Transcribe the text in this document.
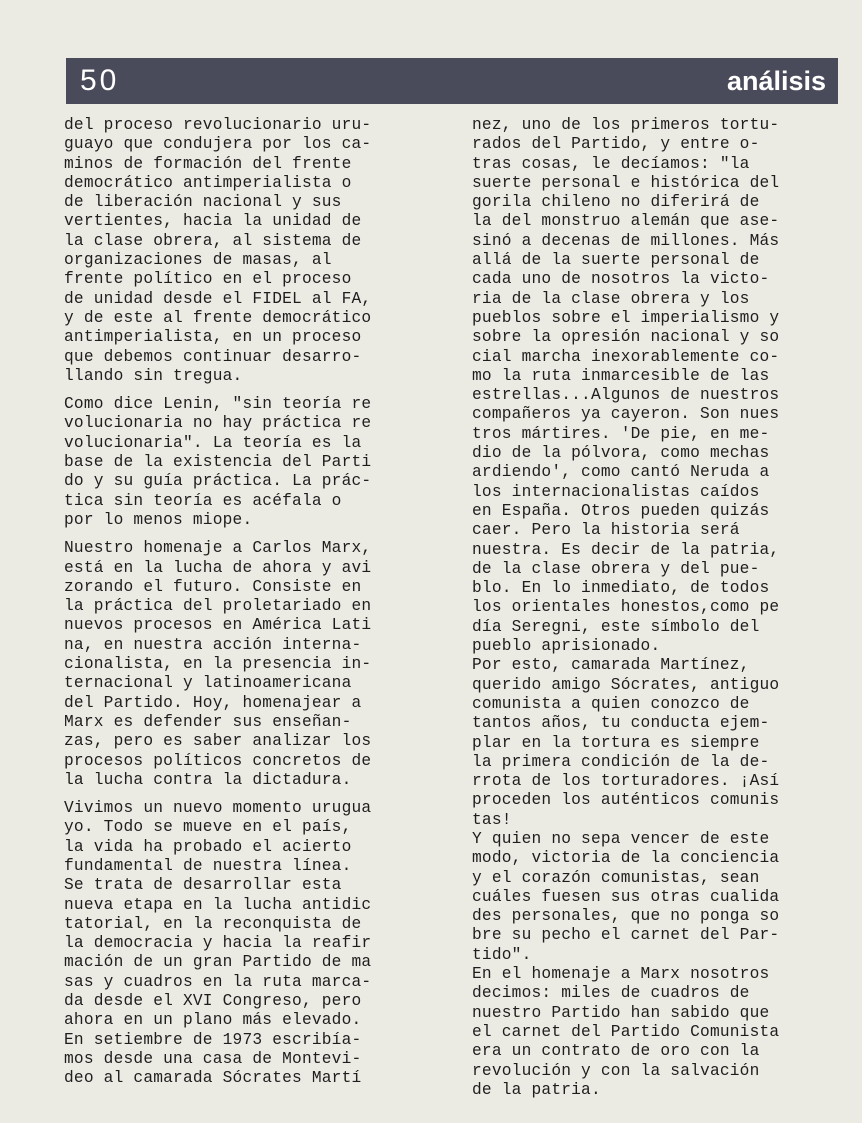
50	análisis
del proceso revolucionario uru-
guayo que condujera por los ca-
minos de formación del frente
democrático antimperialista o
de liberación nacional y sus
vertientes, hacia la unidad de
la clase obrera, al sistema de
organizaciones de masas, al
frente político en el proceso
de unidad desde el FIDEL al FA,
y de este al frente democrático
antimperialista, en un proceso
que debemos continuar desarro-
llando sin tregua.
Como dice Lenin, "sin teoría re
volucionaria no hay práctica re
volucionaria". La teoría es la
base de la existencia del Parti
do y su guía práctica. La prác-
tica sin teoría es acéfala o
por lo menos miope.
Nuestro homenaje a Carlos Marx,
está en la lucha de ahora y avi
zorando el futuro. Consiste en
la práctica del proletariado en
nuevos procesos en América Lati
na, en nuestra acción interna-
cionalista, en la presencia in-
ternacional y latinoamericana
del Partido. Hoy, homenajear a
Marx es defender sus enseñan-
zas, pero es saber analizar los
procesos políticos concretos de
la lucha contra la dictadura.
Vivimos un nuevo momento urugua
yo. Todo se mueve en el país,
la vida ha probado el acierto
fundamental de nuestra línea.
Se trata de desarrollar esta
nueva etapa en la lucha antidic
tatorial, en la reconquista de
la democracia y hacia la reafir
mación de un gran Partido de ma
sas y cuadros en la ruta marca-
da desde el XVI Congreso, pero
ahora en un plano más elevado.
En setiembre de 1973 escribía-
mos desde una casa de Montevi-
deo al camarada Sócrates Martí
nez, uno de los primeros tortu-
rados del Partido, y entre o-
tras cosas, le decíamos: "la
suerte personal e histórica del
gorila chileno no diferirá de
la del monstruo alemán que ase-
sinó a decenas de millones. Más
allá de la suerte personal de
cada uno de nosotros la victo-
ria de la clase obrera y los
pueblos sobre el imperialismo y
sobre la opresión nacional y so
cial marcha inexorablemente co-
mo la ruta inmarcesible de las
estrellas...Algunos de nuestros
compañeros ya cayeron. Son nues
tros mártires. 'De pie, en me-
dio de la pólvora, como mechas
ardiendo', como cantó Neruda a
los internacionalistas caídos
en España. Otros pueden quizás
caer. Pero la historia será
nuestra. Es decir de la patria,
de la clase obrera y del pue-
blo. En lo inmediato, de todos
los orientales honestos,como pe
día Seregni, este símbolo del
pueblo aprisionado.
Por esto, camarada Martínez,
querido amigo Sócrates, antiguo
comunista a quien conozco de
tantos años, tu conducta ejem-
plar en la tortura es siempre
la primera condición de la de-
rrota de los torturadores. ¡Así
proceden los auténticos comunis
tas!
Y quien no sepa vencer de este
modo, victoria de la conciencia
y el corazón comunistas, sean
cuáles fuesen sus otras cualida
des personales, que no ponga so
bre su pecho el carnet del Par-
tido".
En el homenaje a Marx nosotros
decimos: miles de cuadros de
nuestro Partido han sabido que
el carnet del Partido Comunista
era un contrato de oro con la
revolución y con la salvación
de la patria.
